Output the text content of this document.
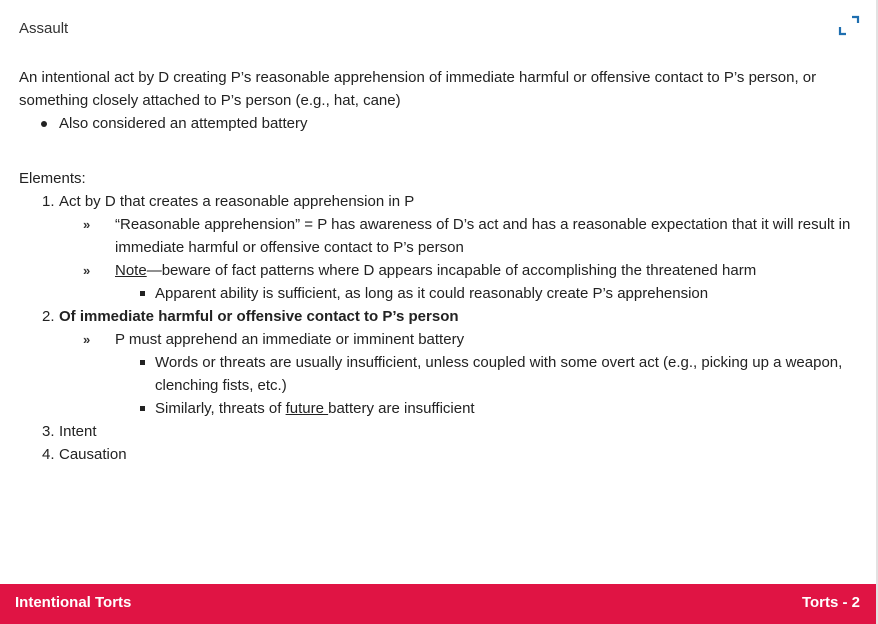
Assault

An intentional act by D creating P’s reasonable apprehension of immediate harmful or offensive contact to P’s person, or something closely attached to P’s person (e.g., hat, cane)

Also considered an attempted battery
Elements:
1. Act by D that creates a reasonable apprehension in P
» “Reasonable apprehension” = P has awareness of D’s act and has a reasonable expectation that it will result in immediate harmful or offensive contact to P’s person
» Note—beware of fact patterns where D appears incapable of accomplishing the threatened harm
Apparent ability is sufficient, as long as it could reasonably create P’s apprehension
2. Of immediate harmful or offensive contact to P’s person
» P must apprehend an immediate or imminent battery
Words or threats are usually insufficient, unless coupled with some overt act (e.g., picking up a weapon, clenching fists, etc.)
Similarly, threats of future battery are insufficient
3. Intent
4. Causation
Intentional Torts	Torts - 2
